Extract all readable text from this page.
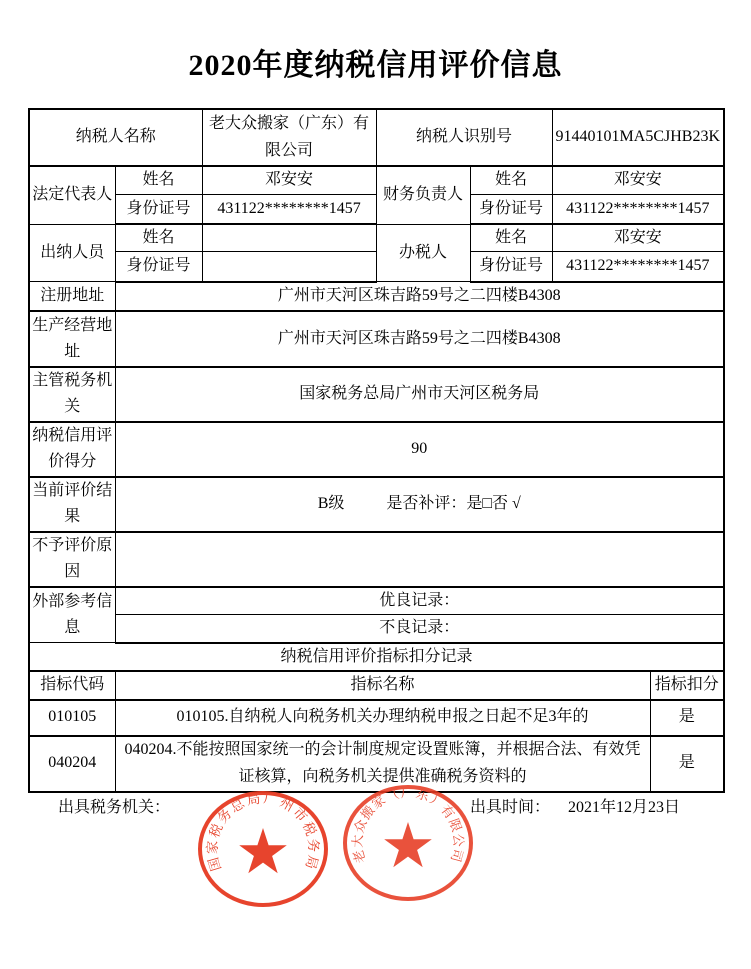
2020年度纳税信用评价信息
纳税人名称		老大众搬家（广东）有限公司	纳税人识别号		91440101MA5CJHB23K	
法定代表人	姓名	邓安安	财务负责人	姓名	邓安安	
	身份证号	431122********1457		身份证号	431122********1457	
出纳人员	姓名		办税人	姓名	邓安安	
	身份证号			身份证号	431122********1457	
注册地址	广州市天河区珠吉路59号之二四楼B4308					
生产经营地址	广州市天河区珠吉路59号之二四楼B4308					
主管税务机关	国家税务总局广州市天河区税务局					
纳税信用评价得分	90					
当前评价结果	B级 是否补评：是□否 √					
不予评价原因						
外部参考信息	优良记录：					
	不良记录：					
纳税信用评价指标扣分记录						
指标代码	指标名称					指标扣分
010105	010105.自纳税人向税务机关办理纳税申报之日起不足3年的					是
040204	040204.不能按照国家统一的会计制度规定设置账簿，并根据合法、有效凭证核算，向税务机关提供准确税务资料的					是
出具税务机关：	出具时间： 2021年12月23日
国家税务总局广州市税务局 老大众搬家（广东）有限公司
